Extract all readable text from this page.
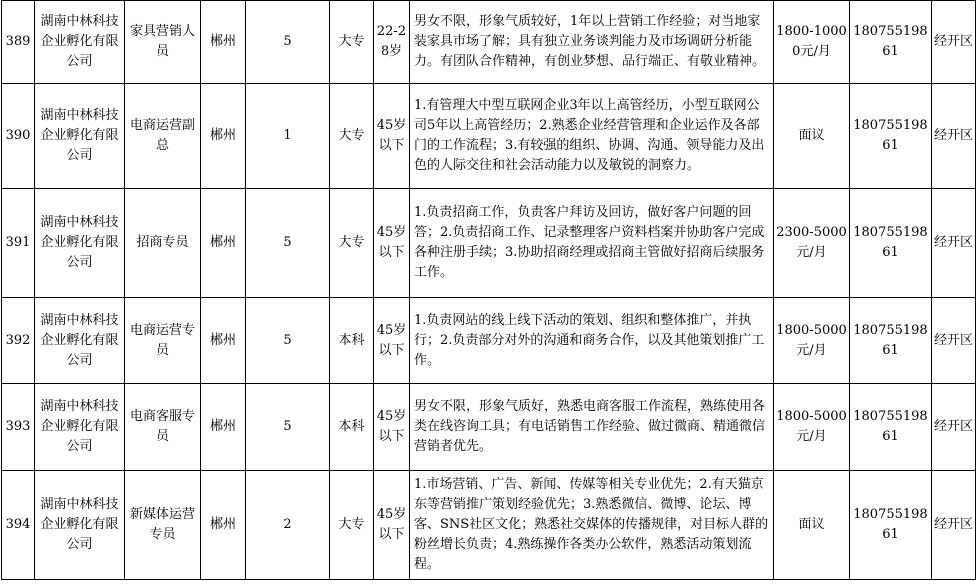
389	湖南中林科技企业孵化有限公司	家具营销人员	郴州	5	大专	22-28岁	男女不限，形象气质较好，1年以上营销工作经验；对当地家装家具市场了解；具有独立业务谈判能力及市场调研分析能力。有团队合作精神，有创业梦想、品行端正、有敬业精神。	1800-10000元/月	18075519861	经开区
390	湖南中林科技企业孵化有限公司	电商运营副总	郴州	1	大专	45岁以下	1.有管理大中型互联网企业3年以上高管经历，小型互联网公司5年以上高管经历；2.熟悉企业经营管理和企业运作及各部门的工作流程；3.有较强的组织、协调、沟通、领导能力及出色的人际交往和社会活动能力以及敏锐的洞察力。	面议	18075519861	经开区
391	湖南中林科技企业孵化有限公司	招商专员	郴州	5	大专	45岁以下	1.负责招商工作，负责客户拜访及回访，做好客户问题的回答；2.负责招商工作、记录整理客户资料档案并协助客户完成各种注册手续；3.协助招商经理或招商主管做好招商后续服务工作。	2300-5000元/月	18075519861	经开区
392	湖南中林科技企业孵化有限公司	电商运营专员	郴州	5	本科	45岁以下	1.负责网站的线上线下活动的策划、组织和整体推广，并执行；2.负责部分对外的沟通和商务合作，以及其他策划推广工作。	1800-5000元/月	18075519861	经开区
393	湖南中林科技企业孵化有限公司	电商客服专员	郴州	5	本科	45岁以下	男女不限，形象气质好，熟悉电商客服工作流程，熟练使用各类在线咨询工具；有电话销售工作经验、做过微商、精通微信营销者优先。	1800-5000元/月	18075519861	经开区
394	湖南中林科技企业孵化有限公司	新媒体运营专员	郴州	2	大专	45岁以下	1.市场营销、广告、新闻、传媒等相关专业优先；2.有天猫京东等营销推广策划经验优先；3.熟悉微信、微博、论坛、博客、SNS社区文化；熟悉社交媒体的传播规律，对目标人群的粉丝增长负责；4.熟练操作各类办公软件，熟悉活动策划流程。	面议	18075519861	经开区
